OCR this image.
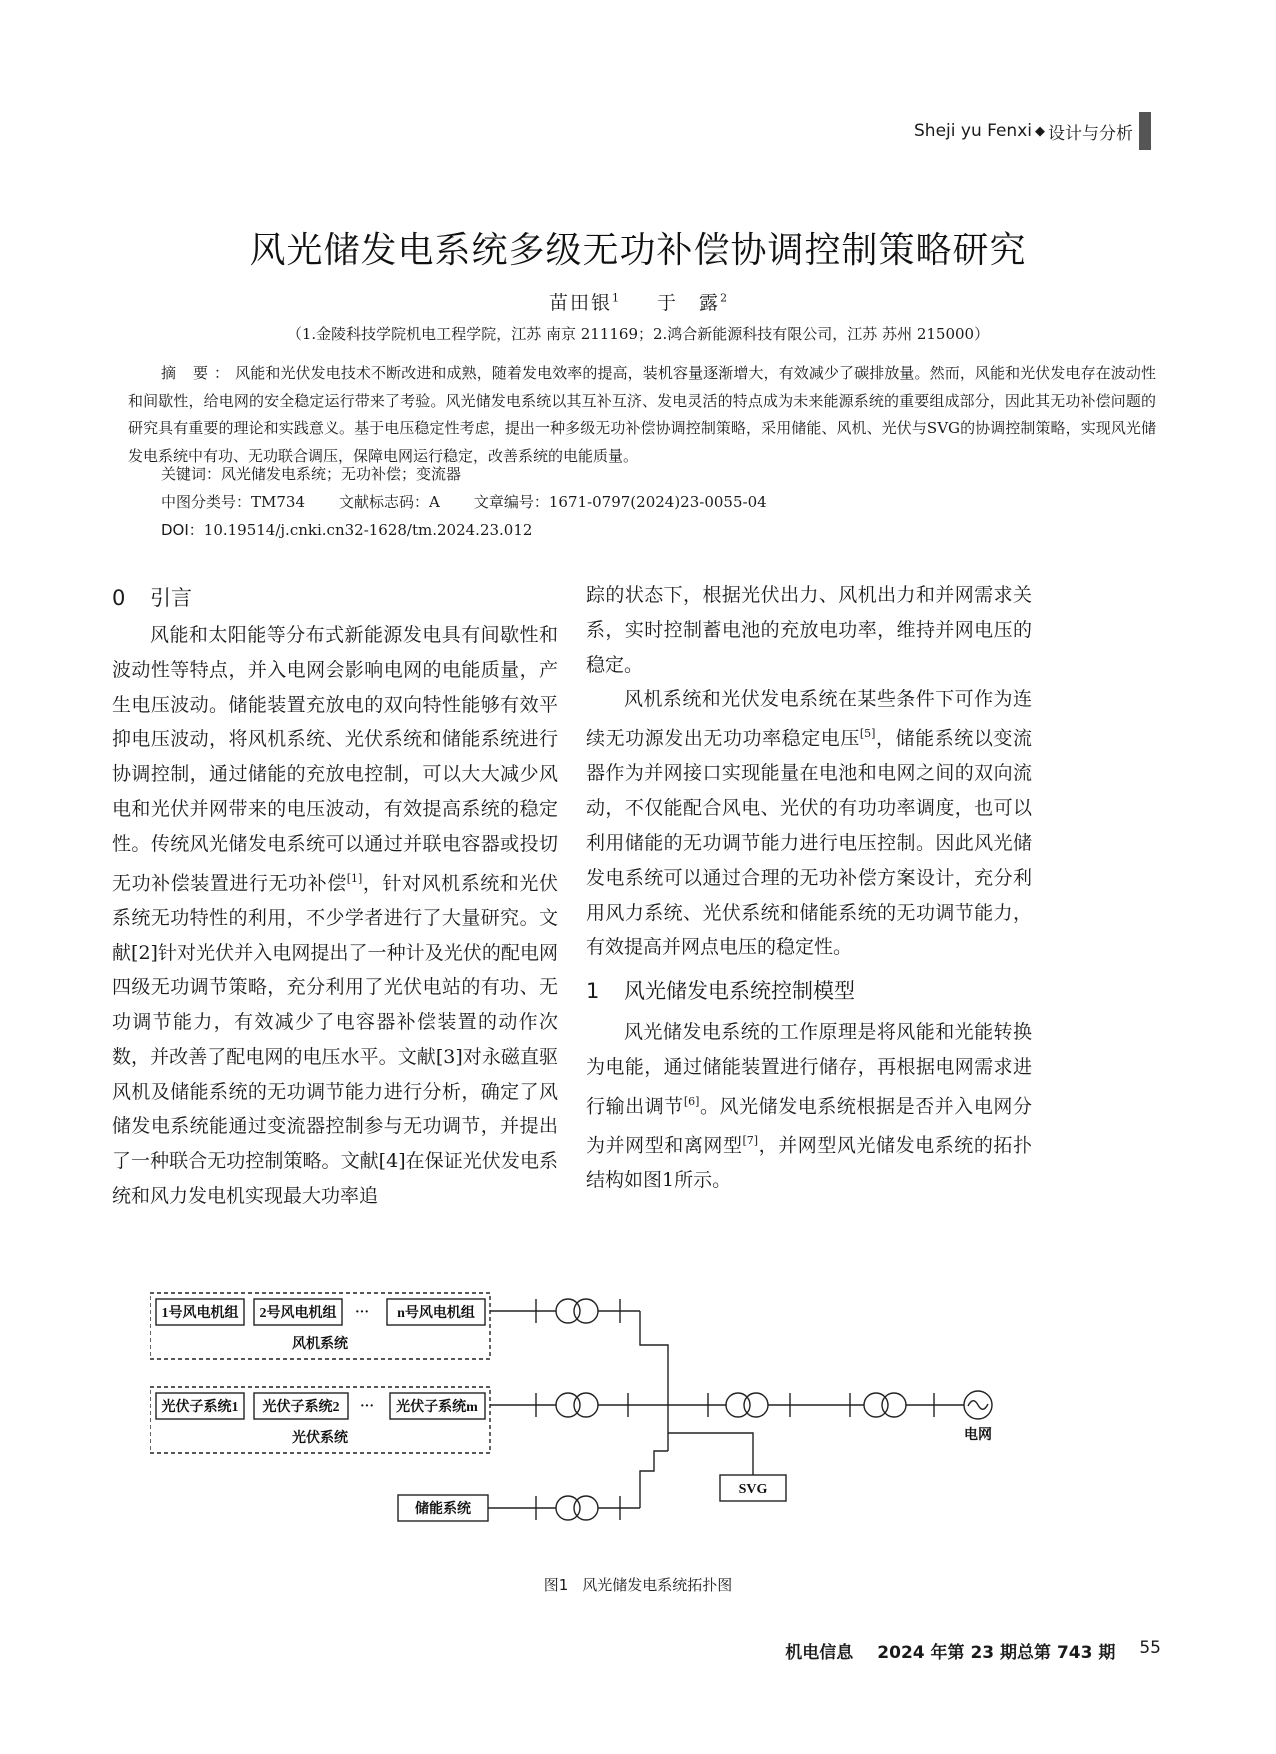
Sheji yu Fenxi ◆ 设计与分析
风光储发电系统多级无功补偿协调控制策略研究
苗田银$^1$ 于　露$^2$
（1.金陵科技学院机电工程学院，江苏 南京 211169；2.鸿合新能源科技有限公司，江苏 苏州 215000）
摘 要：风能和光伏发电技术不断改进和成熟，随着发电效率的提高，装机容量逐渐增大，有效减少了碳排放量。然而，风能和光伏发电存在波动性和间歇性，给电网的安全稳定运行带来了考验。风光储发电系统以其互补互济、发电灵活的特点成为未来能源系统的重要组成部分，因此其无功补偿问题的研究具有重要的理论和实践意义。基于电压稳定性考虑，提出一种多级无功补偿协调控制策略，采用储能、风机、光伏与SVG的协调控制策略，实现风光储发电系统中有功、无功联合调压，保障电网运行稳定，改善系统的电能质量。
关键词：风光储发电系统；无功补偿；变流器
中图分类号：TM734 文献标志码：A 文章编号：1671-0797(2024)23-0055-04
DOI：10.19514/j.cnki.cn32-1628/tm.2024.23.012
0 引言

风能和太阳能等分布式新能源发电具有间歇性和波动性等特点，并入电网会影响电网的电能质量，产生电压波动。储能装置充放电的双向特性能够有效平抑电压波动，将风机系统、光伏系统和储能系统进行协调控制，通过储能的充放电控制，可以大大减少风电和光伏并网带来的电压波动，有效提高系统的稳定性。传统风光储发电系统可以通过并联电容器或投切无功补偿装置进行无功补偿[1]，针对风机系统和光伏系统无功特性的利用，不少学者进行了大量研究。文献[2]针对光伏并入电网提出了一种计及光伏的配电网四级无功调节策略，充分利用了光伏电站的有功、无功调节能力，有效减少了电容器补偿装置的动作次数，并改善了配电网的电压水平。文献[3]对永磁直驱风机及储能系统的无功调节能力进行分析，确定了风储发电系统能通过变流器控制参与无功调节，并提出了一种联合无功控制策略。文献[4]在保证光伏发电系统和风力发电机实现最大功率追

踪的状态下，根据光伏出力、风机出力和并网需求关系，实时控制蓄电池的充放电功率，维持并网电压的稳定。

风机系统和光伏发电系统在某些条件下可作为连续无功源发出无功功率稳定电压[5]，储能系统以变流器作为并网接口实现能量在电池和电网之间的双向流动，不仅能配合风电、光伏的有功功率调度，也可以利用储能的无功调节能力进行电压控制。因此风光储发电系统可以通过合理的无功补偿方案设计，充分利用风力系统、光伏系统和储能系统的无功调节能力，有效提高并网点电压的稳定性。

1 风光储发电系统控制模型

风光储发电系统的工作原理是将风能和光能转换为电能，通过储能装置进行储存，再根据电网需求进行输出调节[6]。风光储发电系统根据是否并入电网分为并网型和离网型[7]，并网型风光储发电系统的拓扑结构如图1所示。

1号风电机组 2号风电机组 ··· n号风电机组
风机系统
光伏子系统1 光伏子系统2 ··· 光伏子系统m
光伏系统
储能系统
SVG
电网
图1 风光储发电系统拓扑图
机电信息 2024 年第 23 期总第 743 期 55
